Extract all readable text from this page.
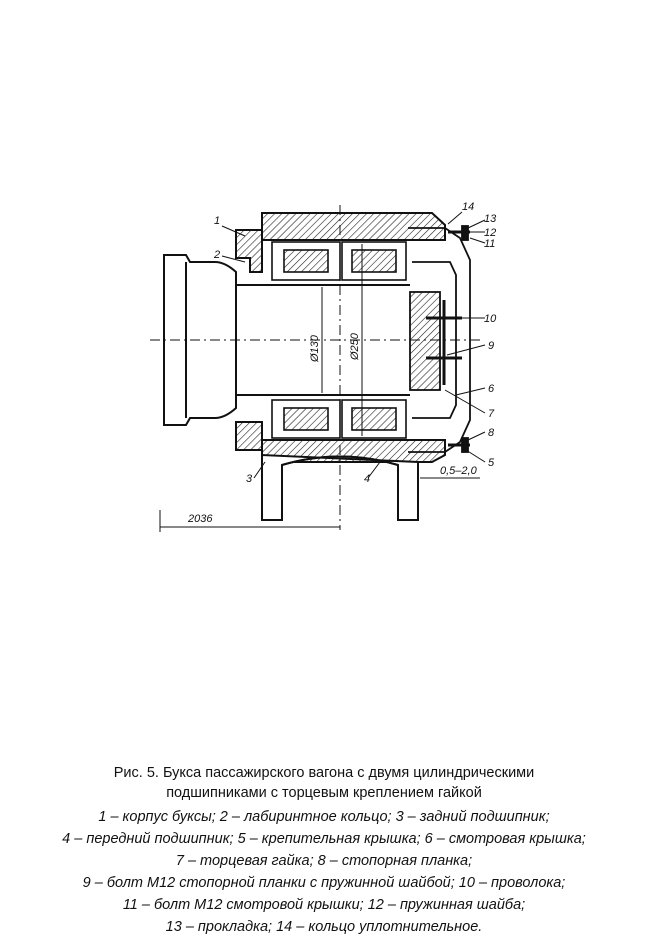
1
2
3	4
5
6
7
8
9
10
11
12
13
14
Ø130	Ø250
2036
0,5–2,0
Рис. 5. Букса пассажирского вагона с двумя цилиндрическими
подшипниками с торцевым креплением гайкой
1 – корпус буксы; 2 – лабиринтное кольцо; 3 – задний подшипник;
4 – передний подшипник; 5 – крепительная крышка; 6 – смотровая крышка;
7 – торцевая гайка; 8 – стопорная планка;
9 – болт М12 стопорной планки с пружинной шайбой; 10 – проволока;
11 – болт М12 смотровой крышки; 12 – пружинная шайба;
13 – прокладка; 14 – кольцо уплотнительное.
